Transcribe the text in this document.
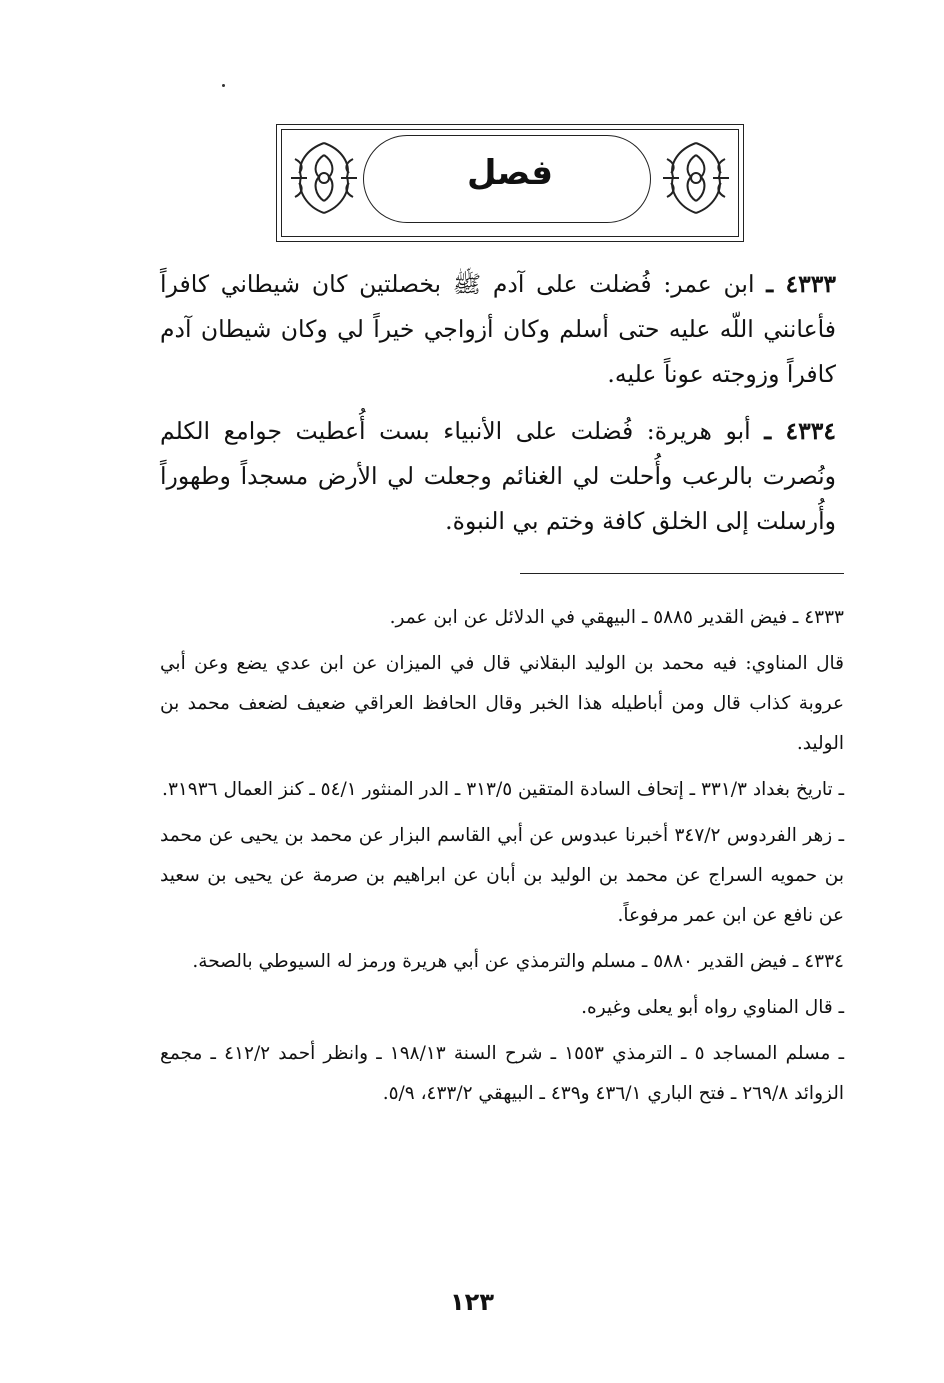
فصل

٤٣٣٣ ـ ابن عمر: فُضلت على آدم ﷺ بخصلتين كان شيطاني كافراً فأعانني اللّه عليه حتى أسلم وكان أزواجي خيراً لي وكان شيطان آدم كافراً وزوجته عوناً عليه.

٤٣٣٤ ـ أبو هريرة: فُضلت على الأنبياء بست أُعطيت جوامع الكلم ونُصرت بالرعب وأُحلت لي الغنائم وجعلت لي الأرض مسجداً وطهوراً وأُرسلت إلى الخلق كافة وختم بي النبوة.

٤٣٣٣ ـ فيض القدير ٥٨٨٥ ـ البيهقي في الدلائل عن ابن عمر.

قال المناوي: فيه محمد بن الوليد البقلاني قال في الميزان عن ابن عدي يضع وعن أبي عروبة كذاب قال ومن أباطيله هذا الخبر وقال الحافظ العراقي ضعيف لضعف محمد بن الوليد.

ـ تاريخ بغداد ٣٣١/٣ ـ إتحاف السادة المتقين ٣١٣/٥ ـ الدر المنثور ٥٤/١ ـ كنز العمال ٣١٩٣٦.

ـ زهر الفردوس ٣٤٧/٢ أخبرنا عبدوس عن أبي القاسم البزار عن محمد بن يحيى عن محمد بن حمويه السراج عن محمد بن الوليد بن أبان عن ابراهيم بن صرمة عن يحيى بن سعيد عن نافع عن ابن عمر مرفوعاً.

٤٣٣٤ ـ فيض القدير ٥٨٨٠ ـ مسلم والترمذي عن أبي هريرة ورمز له السيوطي بالصحة.

ـ قال المناوي رواه أبو يعلى وغيره.

ـ مسلم المساجد ٥ ـ الترمذي ١٥٥٣ ـ شرح السنة ١٩٨/١٣ ـ وانظر أحمد ٤١٢/٢ ـ مجمع الزوائد ٢٦٩/٨ ـ فتح الباري ٤٣٦/١ و٤٣٩ ـ البيهقي ٤٣٣/٢، ٥/٩.

١٢٣
